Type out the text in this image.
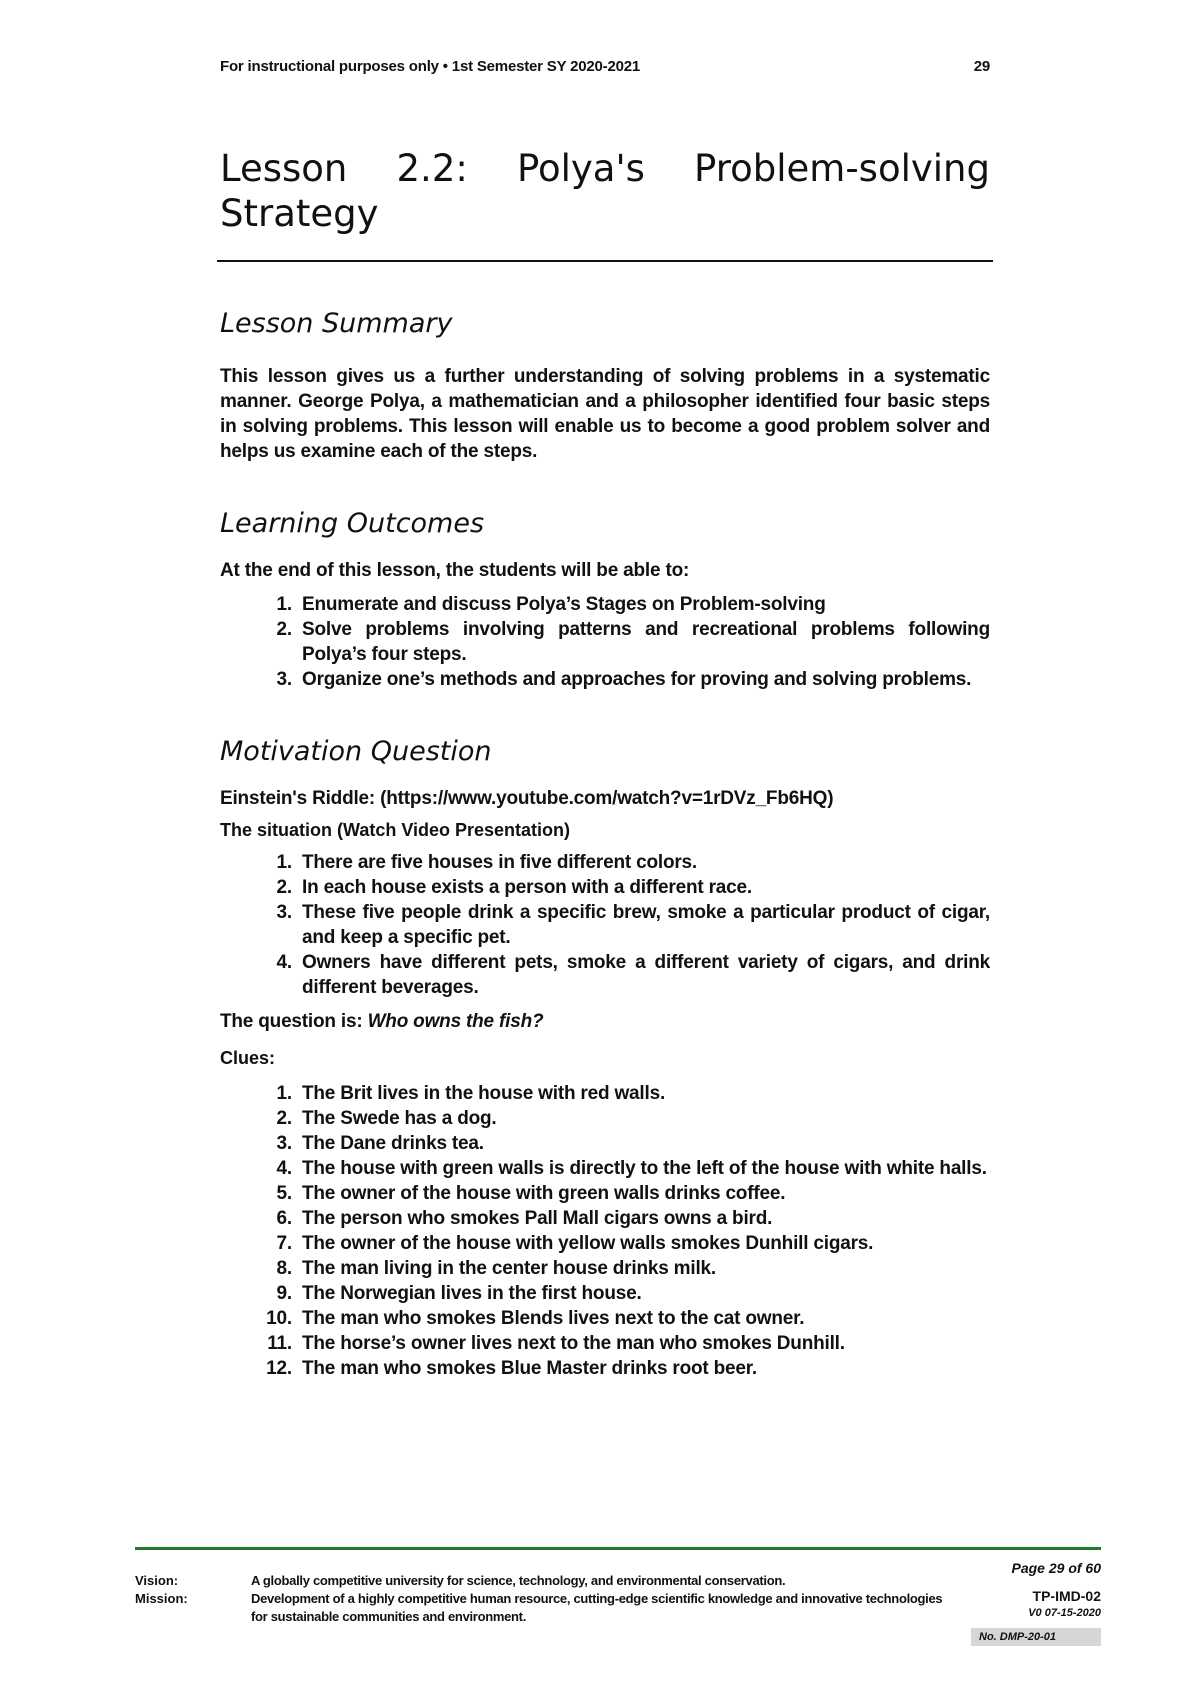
For instructional purposes only • 1st Semester SY 2020-2021	29
Lesson 2.2: Polya's Problem-solving Strategy
Lesson Summary

This lesson gives us a further understanding of solving problems in a systematic manner. George Polya, a mathematician and a philosopher identified four basic steps in solving problems. This lesson will enable us to become a good problem solver and helps us examine each of the steps.

Learning Outcomes

At the end of this lesson, the students will be able to:

1. Enumerate and discuss Polya’s Stages on Problem-solving
2. Solve problems involving patterns and recreational problems following Polya’s four steps.
3. Organize one’s methods and approaches for proving and solving problems.
Motivation Question

Einstein's Riddle: (https://www.youtube.com/watch?v=1rDVz_Fb6HQ)

The situation (Watch Video Presentation)

1. There are five houses in five different colors.
2. In each house exists a person with a different race.
3. These five people drink a specific brew, smoke a particular product of cigar, and keep a specific pet.
4. Owners have different pets, smoke a different variety of cigars, and drink different beverages.

The question is: Who owns the fish?

Clues:

1. The Brit lives in the house with red walls.
2. The Swede has a dog.
3. The Dane drinks tea.
4. The house with green walls is directly to the left of the house with white halls.
5. The owner of the house with green walls drinks coffee.
6. The person who smokes Pall Mall cigars owns a bird.
7. The owner of the house with yellow walls smokes Dunhill cigars.
8. The man living in the center house drinks milk.
9. The Norwegian lives in the first house.
10. The man who smokes Blends lives next to the cat owner.
11. The horse’s owner lives next to the man who smokes Dunhill.
12. The man who smokes Blue Master drinks root beer.
Vision:
Mission:
A globally competitive university for science, technology, and environmental conservation.
Development of a highly competitive human resource, cutting-edge scientific knowledge and innovative technologies for sustainable communities and environment.
Page 29 of 60
TP-IMD-02
V0 07-15-2020
No. DMP-20-01
